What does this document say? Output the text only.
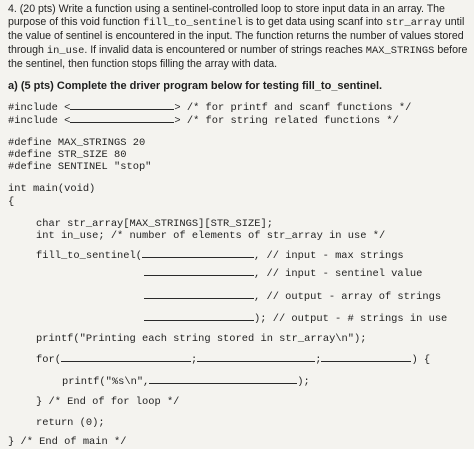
4. (20 pts) Write a function using a sentinel-controlled loop to store input data in an array. The purpose of this void function fill_to_sentinel is to get data using scanf into str_array until the value of sentinel is encountered in the input. The function returns the number of values stored through in_use. If invalid data is encountered or number of strings reaches MAX_STRINGS before the sentinel, then function stops filling the array with data.
a) (5 pts) Complete the driver program below for testing fill_to_sentinel.
#include <	> /* for printf and scanf functions */
#include <	> /* for string related functions */
#define MAX_STRINGS 20
#define STR_SIZE 80
#define SENTINEL "stop"
int main(void)
{
char str_array[MAX_STRINGS][STR_SIZE];
int in_use; /* number of elements of str_array in use */
fill_to_sentinel(	, // input - max strings
, // input - sentinel value
, // output - array of strings
); // output - # strings in use
printf("Printing each string stored in str_array\n");
for(	;	;	) {
printf("%s\n",	);
} /* End of for loop */
return (0);
} /* End of main */
